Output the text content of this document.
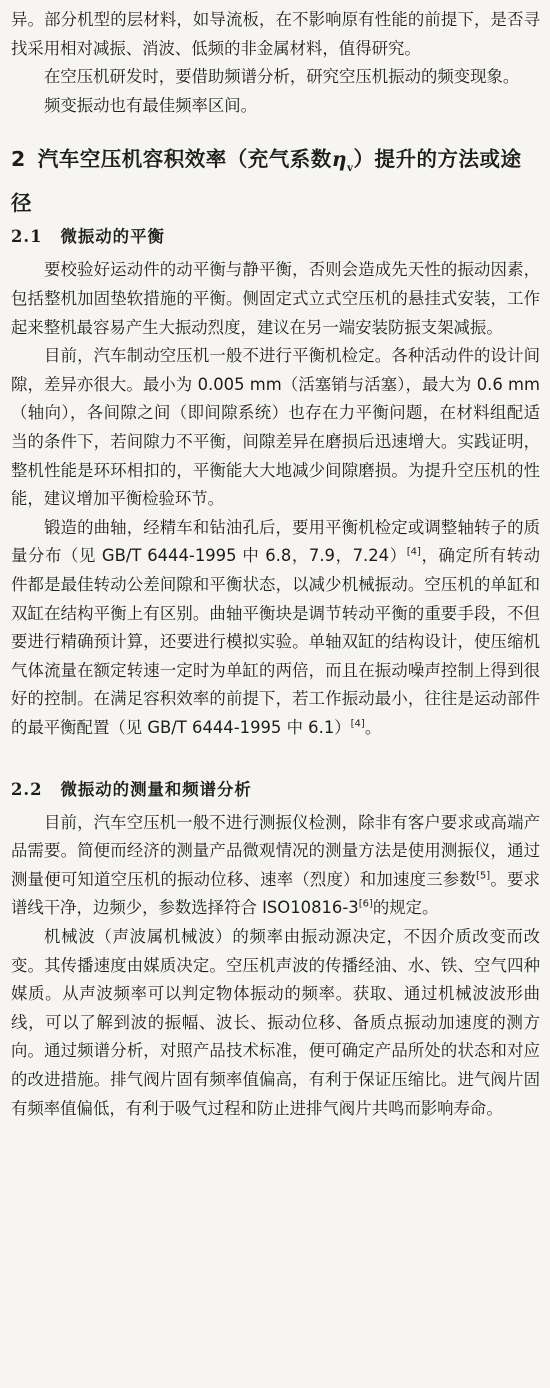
异。部分机型的层材料，如导流板，在不影响原有性能的前提下，是否寻找采用相对减振、消波、低频的非金属材料，值得研究。

在空压机研发时，要借助频谱分析，研究空压机振动的频变现象。

频变振动也有最佳频率区间。

2 汽车空压机容积效率（充气系数$\eta_v$）提升的方法或途径
2.1 微振动的平衡

要校验好运动件的动平衡与静平衡，否则会造成先天性的振动因素，包括整机加固垫软措施的平衡。侧固定式立式空压机的悬挂式安装，工作起来整机最容易产生大振动烈度，建议在另一端安装防振支架减振。

目前，汽车制动空压机一般不进行平衡机检定。各种活动件的设计间隙，差异亦很大。最小为 0.005 mm（活塞销与活塞），最大为 0.6 mm（轴向），各间隙之间（即间隙系统）也存在力平衡问题，在材料组配适当的条件下，若间隙力不平衡，间隙差异在磨损后迅速增大。实践证明，整机性能是环环相扣的，平衡能大大地减少间隙磨损。为提升空压机的性能，建议增加平衡检验环节。

锻造的曲轴，经精车和钻油孔后，要用平衡机检定或调整轴转子的质量分布（见 GB/T 6444-1995 中 6.8，7.9，7.24）[4]，确定所有转动件都是最佳转动公差间隙和平衡状态，以减少机械振动。空压机的单缸和双缸在结构平衡上有区别。曲轴平衡块是调节转动平衡的重要手段，不但要进行精确预计算，还要进行模拟实验。单轴双缸的结构设计，使压缩机气体流量在额定转速一定时为单缸的两倍，而且在振动噪声控制上得到很好的控制。在满足容积效率的前提下，若工作振动最小，往往是运动部件的最平衡配置（见 GB/T 6444-1995 中 6.1）[4]。

2.2 微振动的测量和频谱分析

目前，汽车空压机一般不进行测振仪检测，除非有客户要求或高端产品需要。简便而经济的测量产品微观情况的测量方法是使用测振仪，通过测量便可知道空压机的振动位移、速率（烈度）和加速度三参数[5]。要求谱线干净，边频少，参数选择符合 ISO10816-3[6]的规定。

机械波（声波属机械波）的频率由振动源决定，不因介质改变而改变。其传播速度由媒质决定。空压机声波的传播经油、水、铁、空气四种媒质。从声波频率可以判定物体振动的频率。获取、通过机械波波形曲线，可以了解到波的振幅、波长、振动位移、备质点振动加速度的测方向。通过频谱分析，对照产品技术标准，便可确定产品所处的状态和对应的改进措施。排气阀片固有频率值偏高，有利于保证压缩比。进气阀片固有频率值偏低，有利于吸气过程和防止进排气阀片共鸣而影响寿命。
